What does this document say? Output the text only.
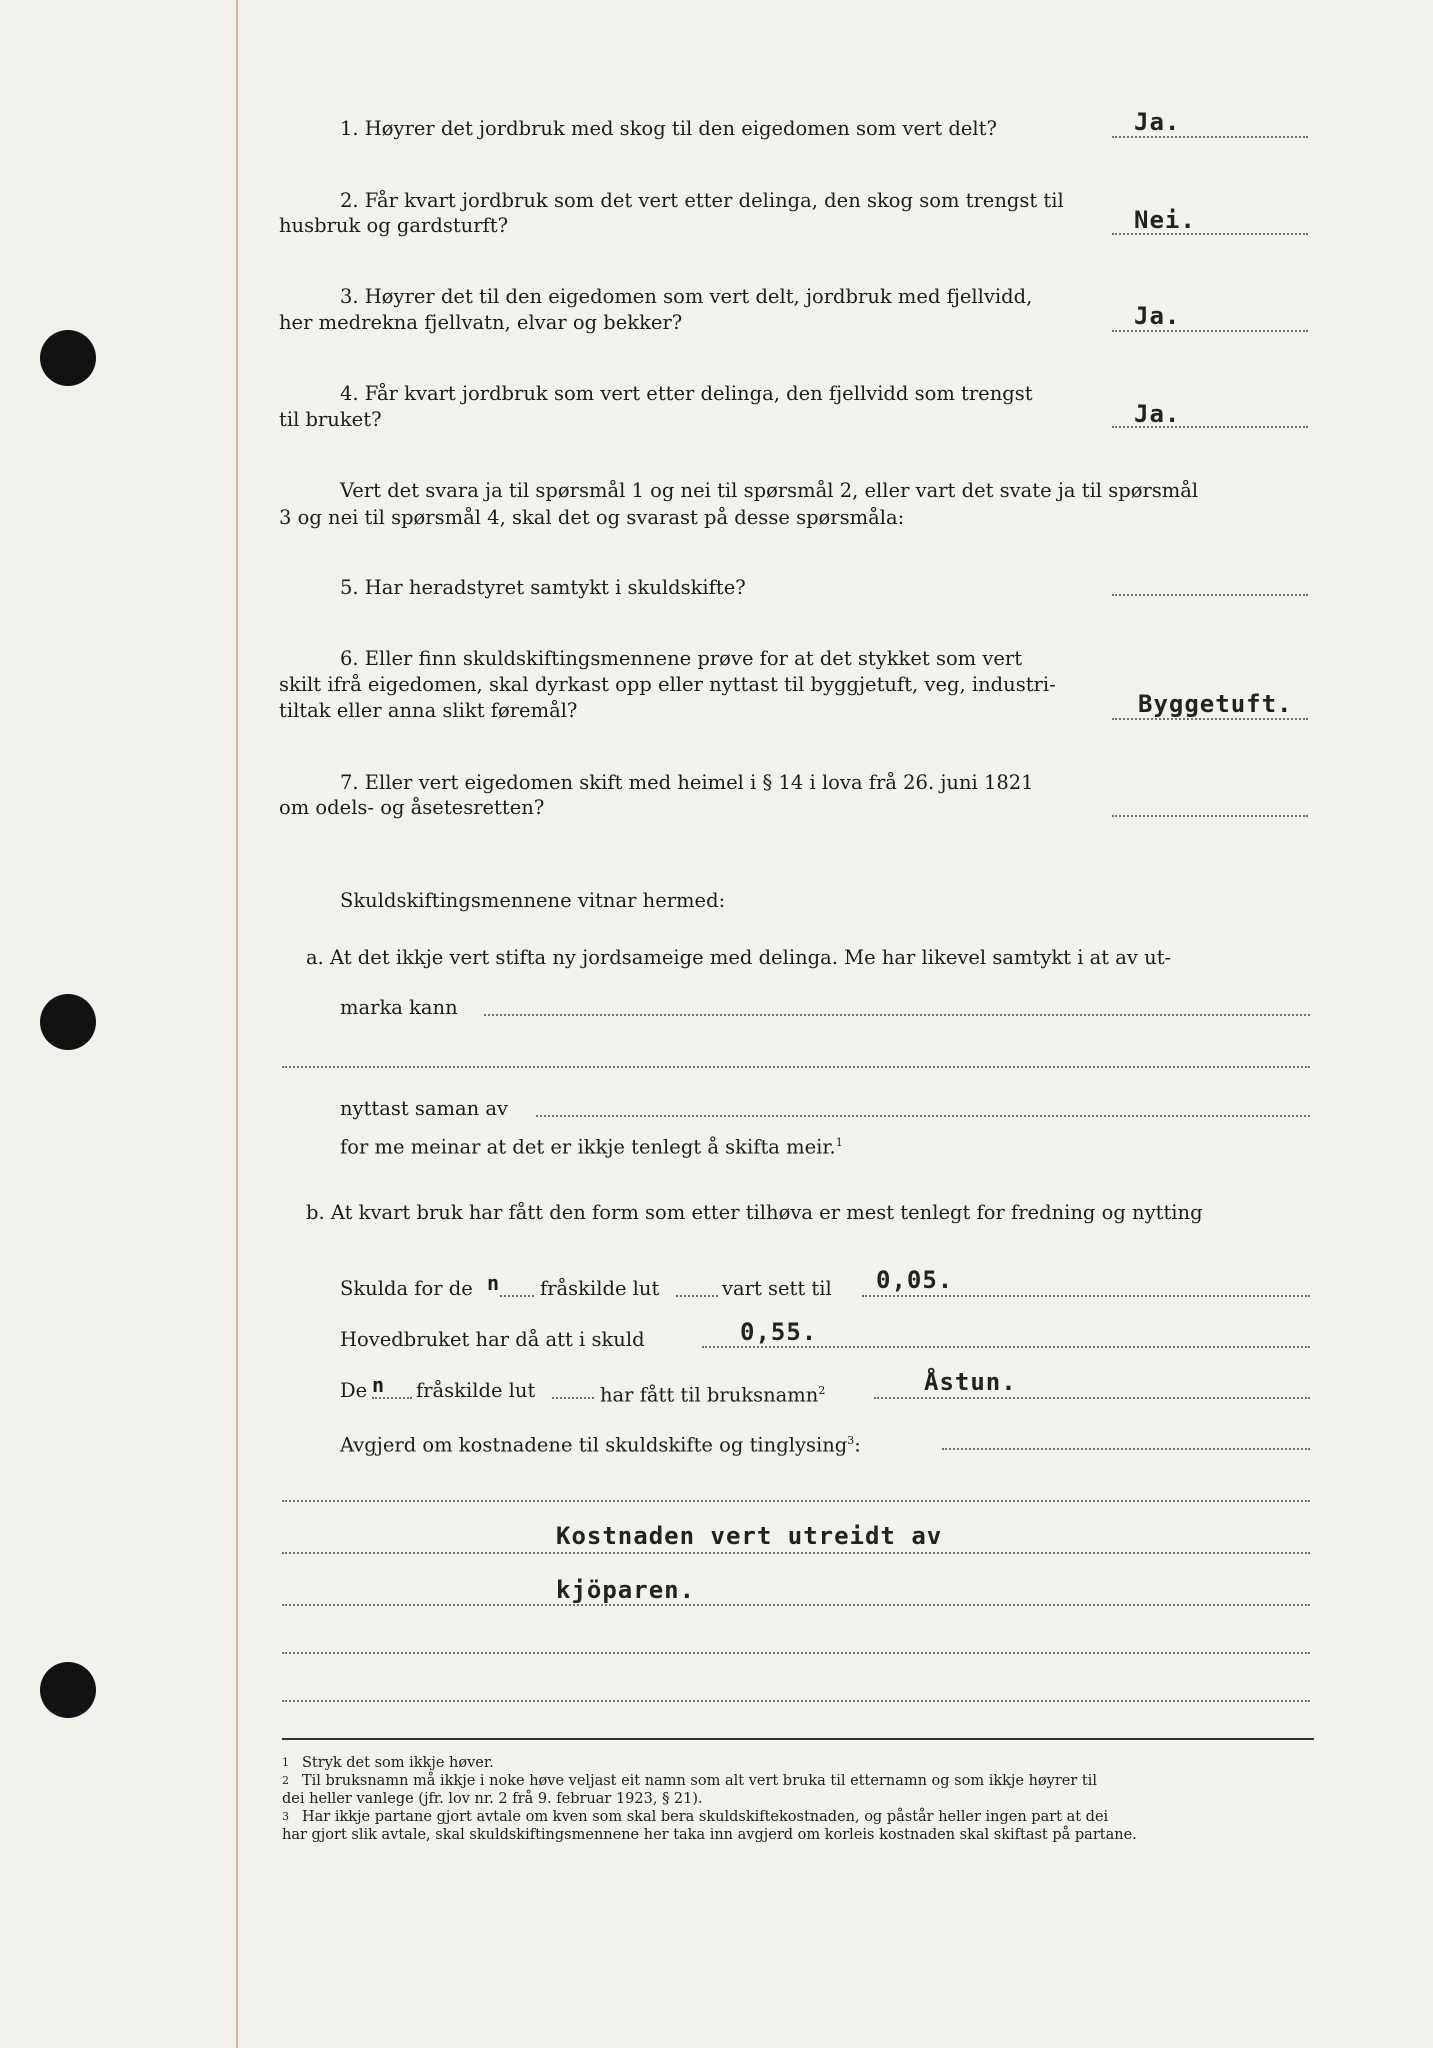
1. Høyrer det jordbruk med skog til den eigedomen som vert delt?	Ja.
2. Får kvart jordbruk som det vert etter delinga, den skog som trengst til
husbruk og gardsturft?	Nei.
3. Høyrer det til den eigedomen som vert delt, jordbruk med fjellvidd,
her medrekna fjellvatn, elvar og bekker?	Ja.
4. Får kvart jordbruk som vert etter delinga, den fjellvidd som trengst
til bruket?	Ja.
Vert det svara ja til spørsmål 1 og nei til spørsmål 2, eller vart det svate ja til spørsmål
3 og nei til spørsmål 4, skal det og svarast på desse spørsmåla:
5. Har heradstyret samtykt i skuldskifte?
6. Eller finn skuldskiftingsmennene prøve for at det stykket som vert
skilt ifrå eigedomen, skal dyrkast opp eller nyttast til byggjetuft, veg, industri-
tiltak eller anna slikt føremål?	Byggetuft.
7. Eller vert eigedomen skift med heimel i § 14 i lova frå 26. juni 1821
om odels- og åsetesretten?
Skuldskiftingsmennene vitnar hermed:
a. At det ikkje vert stifta ny jordsameige med delinga. Me har likevel samtykt i at av ut-
marka kann
nyttast saman av
for me meinar at det er ikkje tenlegt å skifta meir.$^1$
b. At kvart bruk har fått den form som etter tilhøva er mest tenlegt for fredning og nytting
Skulda for de n fråskilde lut	vart sett til 0,05.
Hovedbruket har då att i skuld	0,55.
De n fråskilde lut	har fått til bruksnamn$^2$	Åstun.
Avgjerd om kostnadene til skuldskifte og tinglysing$^3$:
Kostnaden vert utreidt av
kjöparen.
1 Stryk det som ikkje høver.
2 Til bruksnamn må ikkje i noke høve veljast eit namn som alt vert bruka til etternamn og som ikkje høyrer til
dei heller vanlege (jfr. lov nr. 2 frå 9. februar 1923, § 21).
3 Har ikkje partane gjort avtale om kven som skal bera skuldskiftekostnaden, og påstår heller ingen part at dei
har gjort slik avtale, skal skuldskiftingsmennene her taka inn avgjerd om korleis kostnaden skal skiftast på partane.
